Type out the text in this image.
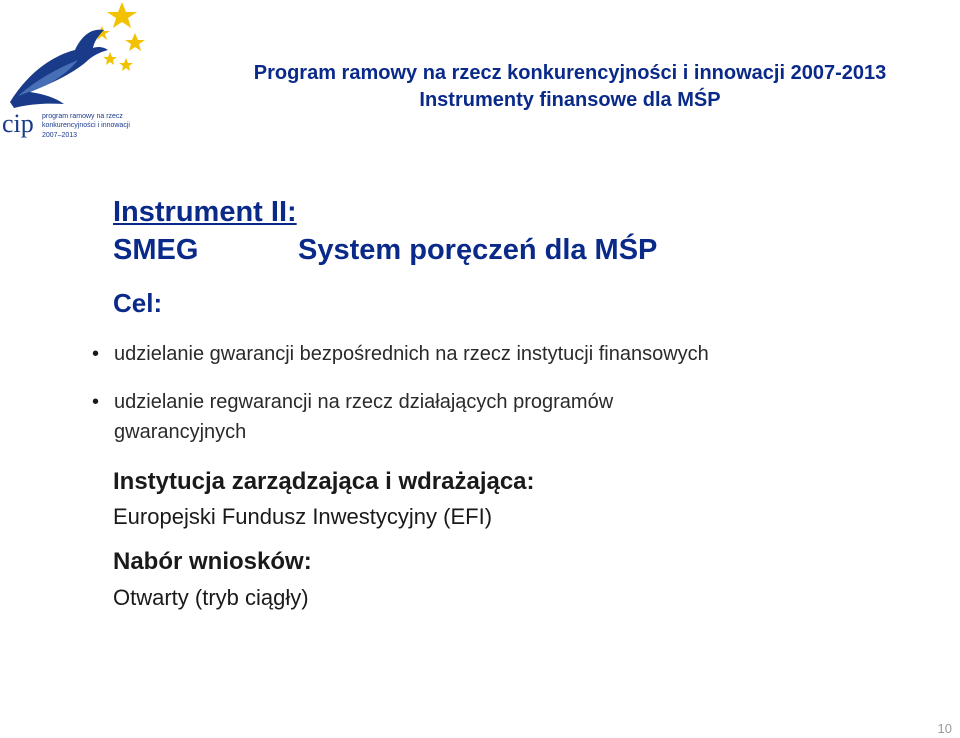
cip program ramowy na rzecz
konkurencyjności i innowacji
2007–2013
Program ramowy na rzecz konkurencyjności i innowacji 2007-2013
Instrumenty finansowe dla MŚP
Instrument II:
SMEG	System poręczeń dla MŚP
Cel:
• udzielanie gwarancji bezpośrednich na rzecz instytucji finansowych
• udzielanie regwarancji na rzecz działających programów
gwarancyjnych
Instytucja zarządzająca i wdrażająca:
Europejski Fundusz Inwestycyjny (EFI)
Nabór wniosków:
Otwarty (tryb ciągły)
10
